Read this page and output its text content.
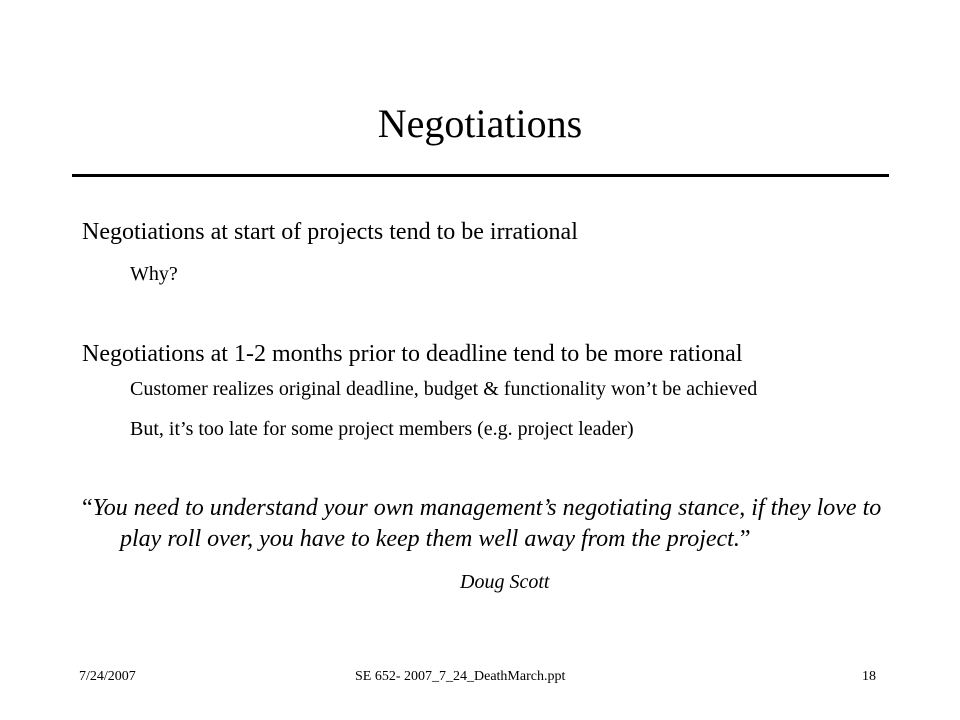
Negotiations
Negotiations at start of projects tend to be irrational
Why?
Negotiations at 1-2 months prior to deadline tend to be more rational
Customer realizes original deadline, budget & functionality won’t be achieved
But, it’s too late for some project members (e.g. project leader)
“You need to understand your own management’s negotiating stance, if they love to play roll over, you have to keep them well away from the project.”
Doug Scott
7/24/2007	SE 652- 2007_7_24_DeathMarch.ppt	18
